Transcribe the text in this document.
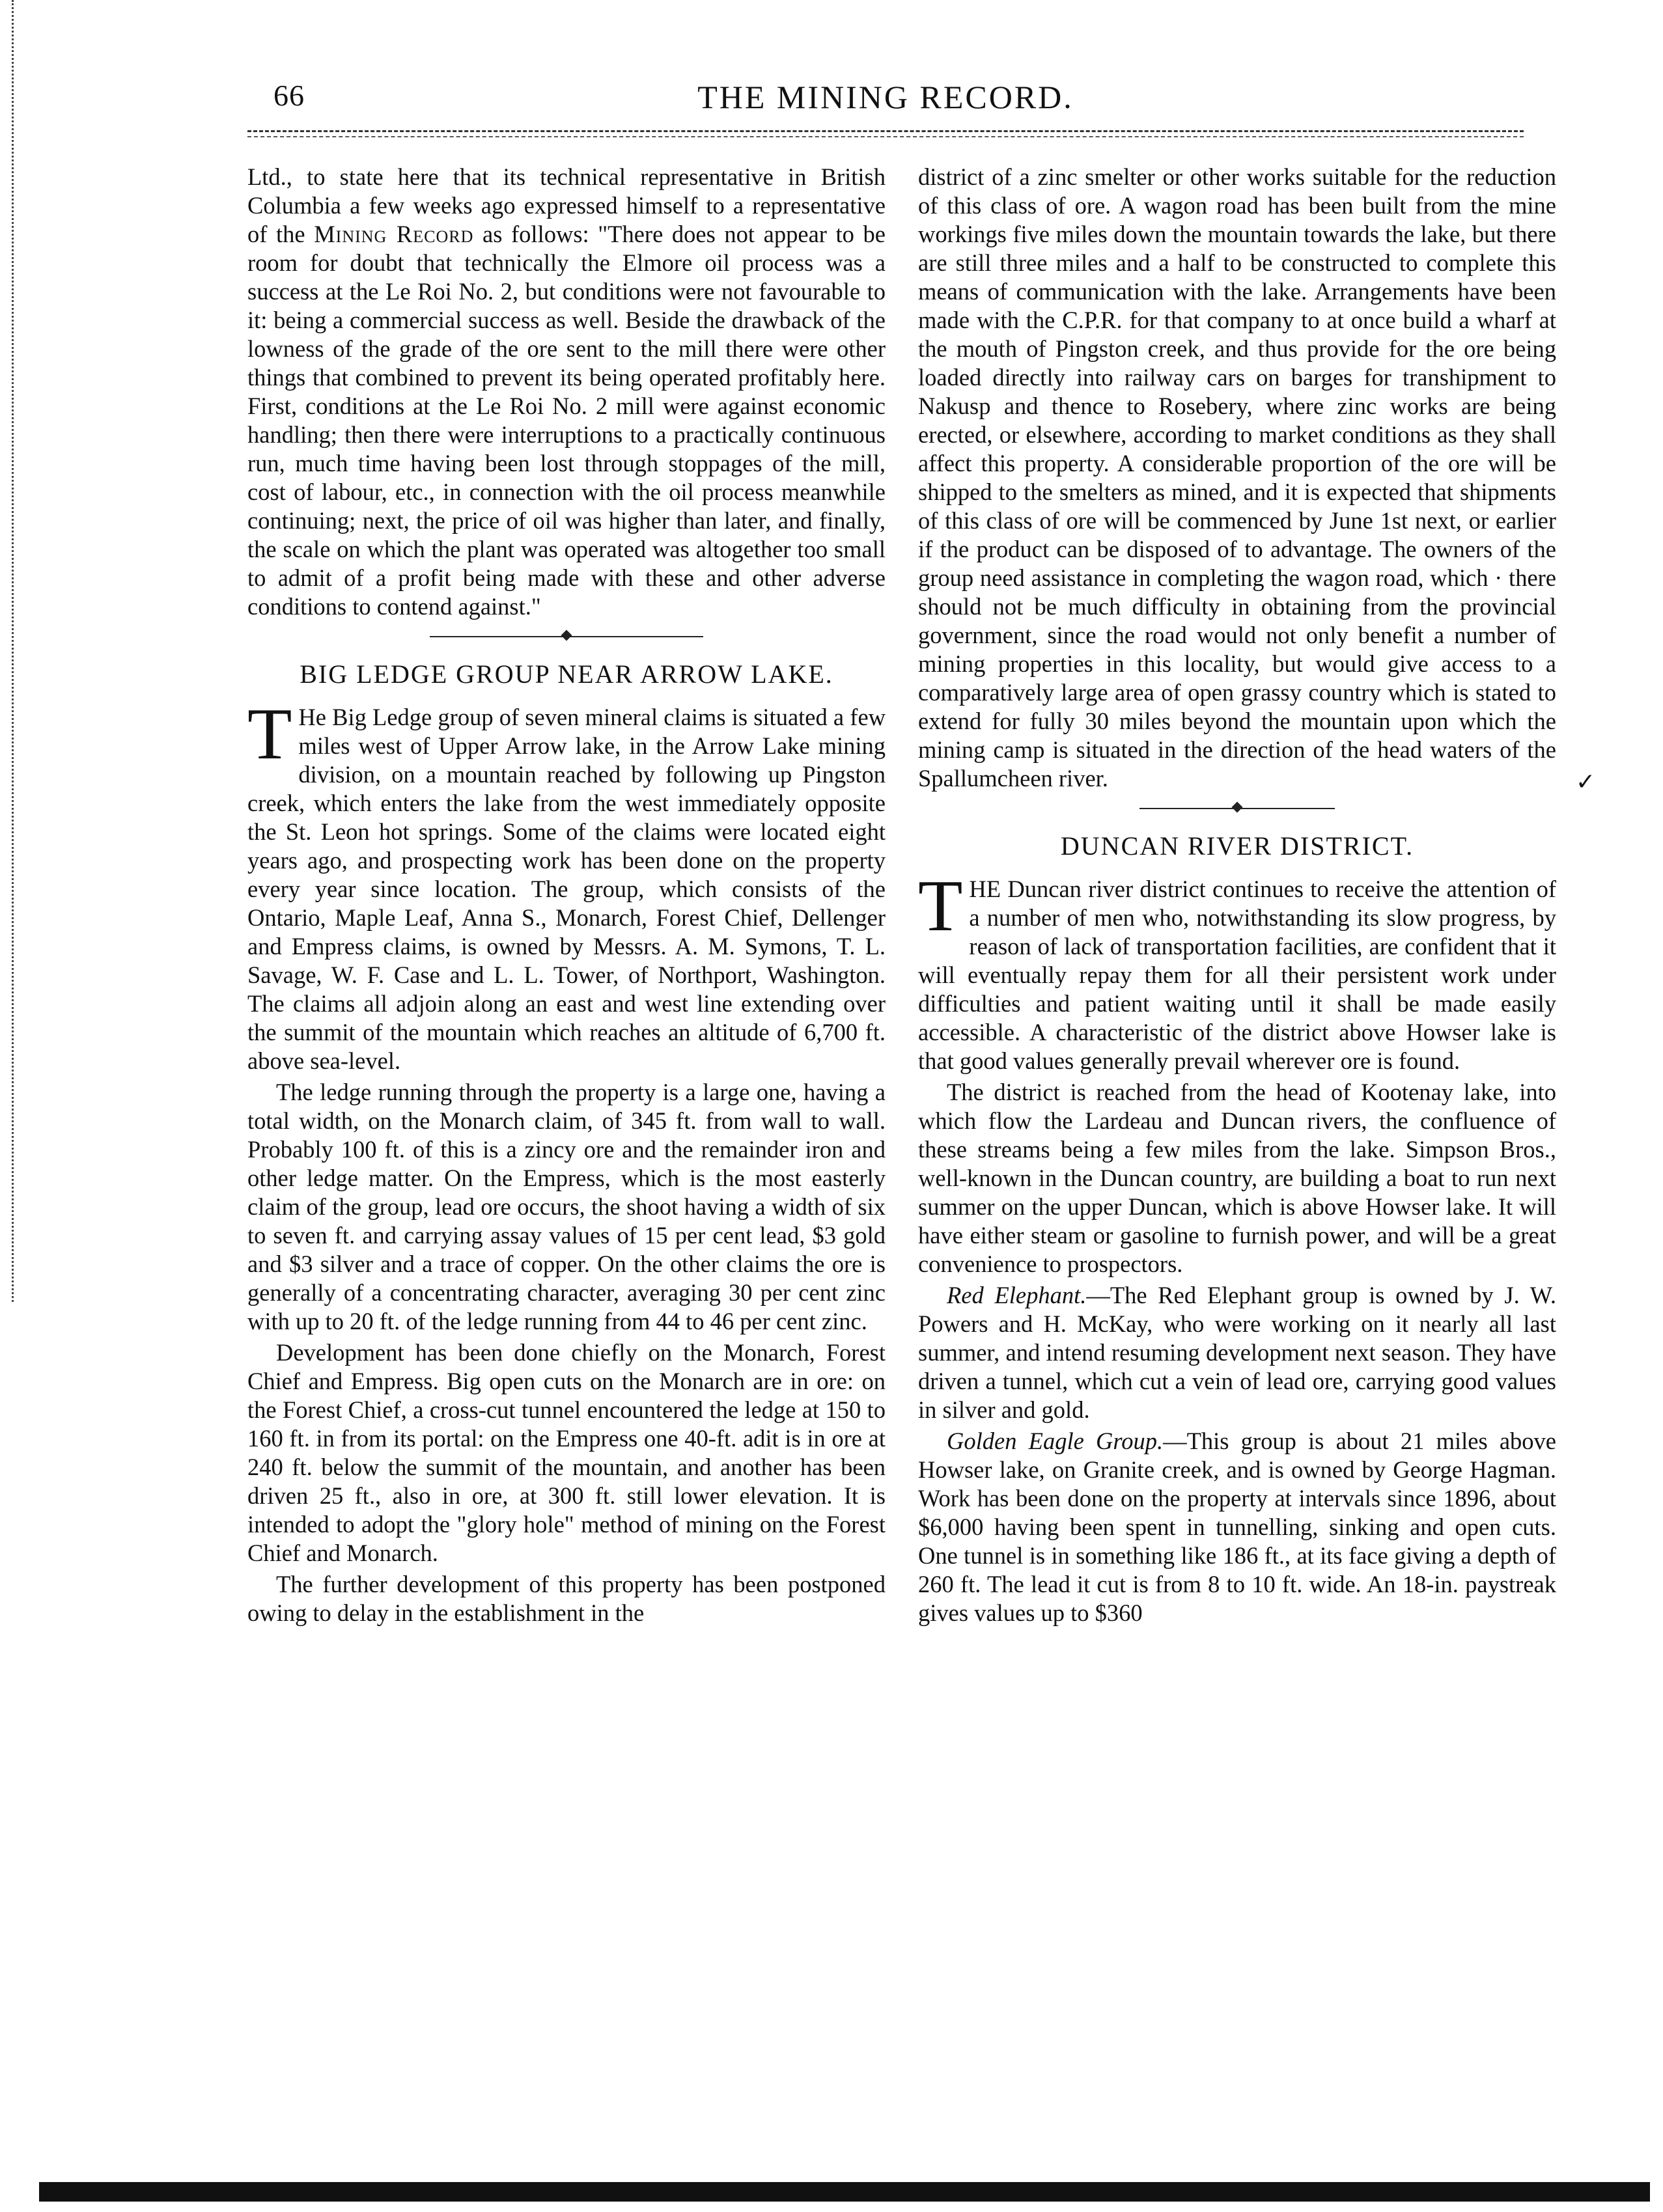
66	THE MINING RECORD.

Ltd., to state here that its technical representative in British Columbia a few weeks ago expressed himself to a representative of the Mining Record as follows: "There does not appear to be room for doubt that technically the Elmore oil process was a success at the Le Roi No. 2, but conditions were not favourable to it: being a commercial success as well. Beside the drawback of the lowness of the grade of the ore sent to the mill there were other things that combined to prevent its being operated profitably here. First, conditions at the Le Roi No. 2 mill were against economic handling; then there were interruptions to a practically continuous run, much time having been lost through stoppages of the mill, cost of labour, etc., in connection with the oil process meanwhile continuing; next, the price of oil was higher than later, and finally, the scale on which the plant was operated was altogether too small to admit of a profit being made with these and other adverse conditions to contend against."

BIG LEDGE GROUP NEAR ARROW LAKE.

T He Big Ledge group of seven mineral claims is situated a few miles west of Upper Arrow lake, in the Arrow Lake mining division, on a mountain reached by following up Pingston creek, which enters the lake from the west immediately opposite the St. Leon hot springs. Some of the claims were located eight years ago, and prospecting work has been done on the property every year since location. The group, which consists of the Ontario, Maple Leaf, Anna S., Monarch, Forest Chief, Dellenger and Empress claims, is owned by Messrs. A. M. Symons, T. L. Savage, W. F. Case and L. L. Tower, of Northport, Washington. The claims all adjoin along an east and west line extending over the summit of the mountain which reaches an altitude of 6,700 ft. above sea-level.

The ledge running through the property is a large one, having a total width, on the Monarch claim, of 345 ft. from wall to wall. Probably 100 ft. of this is a zincy ore and the remainder iron and other ledge matter. On the Empress, which is the most easterly claim of the group, lead ore occurs, the shoot having a width of six to seven ft. and carrying assay values of 15 per cent lead, $3 gold and $3 silver and a trace of copper. On the other claims the ore is generally of a concentrating character, averaging 30 per cent zinc with up to 20 ft. of the ledge running from 44 to 46 per cent zinc.

Development has been done chiefly on the Monarch, Forest Chief and Empress. Big open cuts on the Monarch are in ore: on the Forest Chief, a cross-cut tunnel encountered the ledge at 150 to 160 ft. in from its portal: on the Empress one 40-ft. adit is in ore at 240 ft. below the summit of the mountain, and another has been driven 25 ft., also in ore, at 300 ft. still lower elevation. It is intended to adopt the "glory hole" method of mining on the Forest Chief and Monarch.

The further development of this property has been postponed owing to delay in the establishment in the

district of a zinc smelter or other works suitable for the reduction of this class of ore. A wagon road has been built from the mine workings five miles down the mountain towards the lake, but there are still three miles and a half to be constructed to complete this means of communication with the lake. Arrangements have been made with the C.P.R. for that company to at once build a wharf at the mouth of Pingston creek, and thus provide for the ore being loaded directly into railway cars on barges for transhipment to Nakusp and thence to Rosebery, where zinc works are being erected, or elsewhere, according to market conditions as they shall affect this property. A considerable proportion of the ore will be shipped to the smelters as mined, and it is expected that shipments of this class of ore will be commenced by June 1st next, or earlier if the product can be disposed of to advantage. The owners of the group need assistance in completing the wagon road, which · there should not be much difficulty in obtaining from the provincial government, since the road would not only benefit a number of mining properties in this locality, but would give access to a comparatively large area of open grassy country which is stated to extend for fully 30 miles beyond the mountain upon which the mining camp is situated in the direction of the head waters of the Spallumcheen river.

DUNCAN RIVER DISTRICT.

THE Duncan river district continues to receive the attention of a number of men who, notwithstanding its slow progress, by reason of lack of transportation facilities, are confident that it will eventually repay them for all their persistent work under difficulties and patient waiting until it shall be made easily accessible. A characteristic of the district above Howser lake is that good values generally prevail wherever ore is found.

The district is reached from the head of Kootenay lake, into which flow the Lardeau and Duncan rivers, the confluence of these streams being a few miles from the lake. Simpson Bros., well-known in the Duncan country, are building a boat to run next summer on the upper Duncan, which is above Howser lake. It will have either steam or gasoline to furnish power, and will be a great convenience to prospectors.

Red Elephant.—The Red Elephant group is owned by J. W. Powers and H. McKay, who were working on it nearly all last summer, and intend resuming development next season. They have driven a tunnel, which cut a vein of lead ore, carrying good values in silver and gold.

Golden Eagle Group.—This group is about 21 miles above Howser lake, on Granite creek, and is owned by George Hagman. Work has been done on the property at intervals since 1896, about $6,000 having been spent in tunnelling, sinking and open cuts. One tunnel is in something like 186 ft., at its face giving a depth of 260 ft. The lead it cut is from 8 to 10 ft. wide. An 18-in. paystreak gives values up to $360

✓
